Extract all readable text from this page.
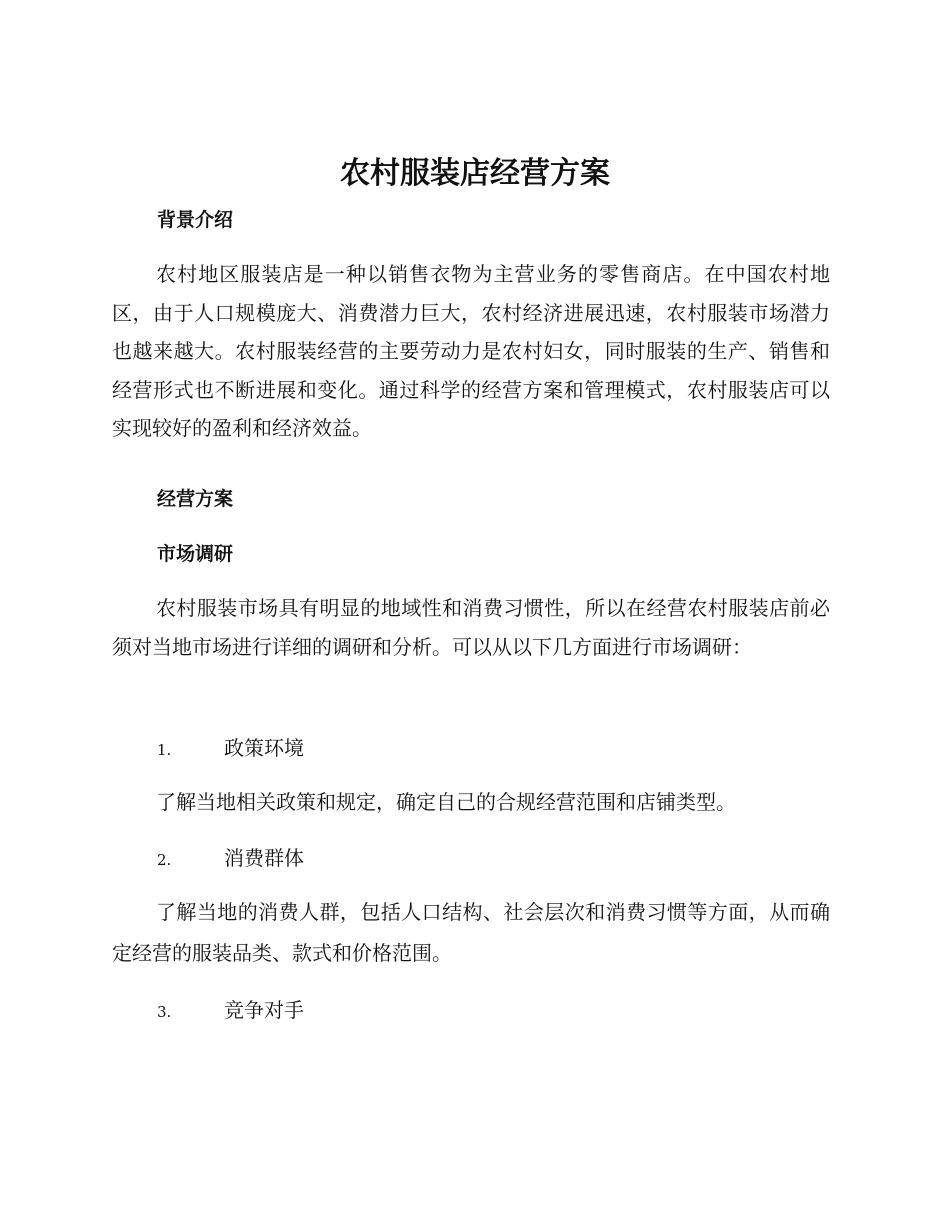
农村服装店经营方案
背景介绍

农村地区服装店是一种以销售衣物为主营业务的零售商店。在中国农村地区，由于人口规模庞大、消费潜力巨大，农村经济进展迅速，农村服装市场潜力也越来越大。农村服装经营的主要劳动力是农村妇女，同时服装的生产、销售和经营形式也不断进展和变化。通过科学的经营方案和管理模式，农村服装店可以实现较好的盈利和经济效益。

经营方案
市场调研

农村服装市场具有明显的地域性和消费习惯性，所以在经营农村服装店前必须对当地市场进行详细的调研和分析。可以从以下几方面进行市场调研：

1.	政策环境

了解当地相关政策和规定，确定自己的合规经营范围和店铺类型。

2.	消费群体

了解当地的消费人群，包括人口结构、社会层次和消费习惯等方面，从而确定经营的服装品类、款式和价格范围。

3.	竞争对手
